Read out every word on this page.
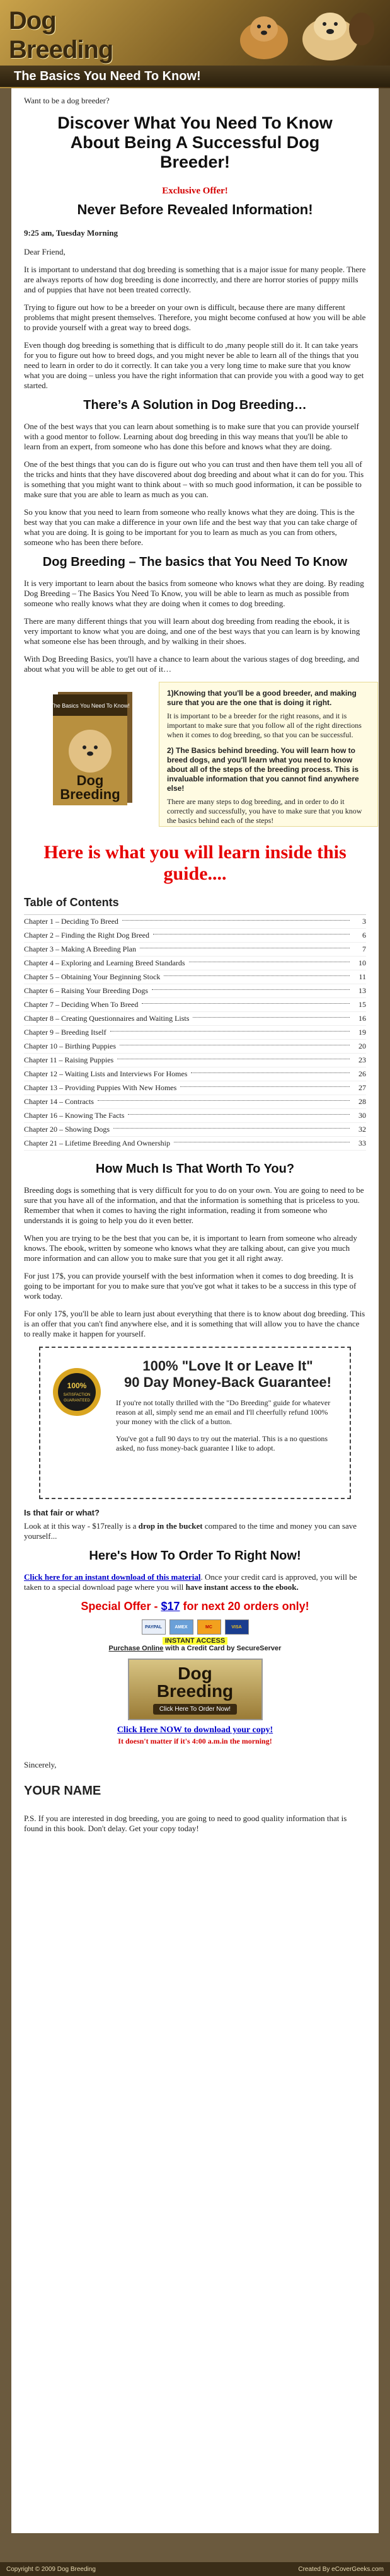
Dog
Breeding
The Basics You Need To Know!

Want to be a dog breeder?

Discover What You Need To Know About Being A Successful Dog Breeder!
Exclusive Offer!
Never Before Revealed Information!
9:25 am, Tuesday Morning

Dear Friend,

It is important to understand that dog breeding is something that is a major issue for many people. There are always reports of how dog breeding is done incorrectly, and there are horror stories of puppy mills and of puppies that have not been treated correctly.

Trying to figure out how to be a breeder on your own is difficult, because there are many different problems that might present themselves. Therefore, you might become confused at how you will be able to provide yourself with a great way to breed dogs.

Even though dog breeding is something that is difficult to do ,many people still do it. It can take years for you to figure out how to breed dogs, and you might never be able to learn all of the things that you need to learn in order to do it correctly. It can take you a very long time to make sure that you know what you are doing – unless you have the right information that can provide you with a good way to get started.

There’s A Solution in Dog Breeding…

One of the best ways that you can learn about something is to make sure that you can provide yourself with a good mentor to follow. Learning about dog breeding in this way means that you'll be able to learn from an expert, from someone who has done this before and knows what they are doing.

One of the best things that you can do is figure out who you can trust and then have them tell you all of the tricks and hints that they have discovered about dog breeding and about what it can do for you. This is something that you might want to think about – with so much good information, it can be possible to make sure that you are able to learn as much as you can.

So you know that you need to learn from someone who really knows what they are doing. This is the best way that you can make a difference in your own life and the best way that you can take charge of what you are doing. It is going to be important for you to learn as much as you can from others, someone who has been there before.

Dog Breeding – The basics that You Need To Know

It is very important to learn about the basics from someone who knows what they are doing. By reading Dog Breeding – The Basics You Need To Know, you will be able to learn as much as possible from someone who really knows what they are doing when it comes to dog breeding.

There are many different things that you will learn about dog breeding from reading the ebook, it is very important to know what you are doing, and one of the best ways that you can learn is by knowing what someone else has been through, and by walking in their shoes.

With Dog Breeding Basics, you'll have a chance to learn about the various stages of dog breeding, and about what you will be able to get out of it…

The Basics You Need To Know!
Dog
Breeding
1)Knowing that you'll be a good breeder, and making sure that you are the one that is doing it right.
It is important to be a breeder for the right reasons, and it is important to make sure that you follow all of the right directions when it comes to dog breeding, so that you can be successful.
2) The Basics behind breeding. You will learn how to breed dogs, and you'll learn what you need to know about all of the steps of the breeding process. This is invaluable information that you cannot find anywhere else!
There are many steps to dog breeding, and in order to do it correctly and successfully, you have to make sure that you know the basics behind each of the steps!
Here is what you will learn inside this guide....
Table of Contents
Chapter 1 – Deciding To Breed	3
Chapter 2 – Finding the Right Dog Breed	6
Chapter 3 – Making A Breeding Plan	7
Chapter 4 – Exploring and Learning Breed Standards	10
Chapter 5 – Obtaining Your Beginning Stock	11
Chapter 6 – Raising Your Breeding Dogs	13
Chapter 7 – Deciding When To Breed	15
Chapter 8 – Creating Questionnaires and Waiting Lists	16
Chapter 9 – Breeding Itself	19
Chapter 10 – Birthing Puppies	20
Chapter 11 – Raising Puppies	23
Chapter 12 – Waiting Lists and Interviews For Homes	26
Chapter 13 – Providing Puppies With New Homes	27
Chapter 14 – Contracts	28
Chapter 16 – Knowing The Facts	30
Chapter 20 – Showing Dogs	32
Chapter 21 – Lifetime Breeding And Ownership	33
How Much Is That Worth To You?

Breeding dogs is something that is very difficult for you to do on your own. You are going to need to be sure that you have all of the information, and that the information is something that is priceless to you. Remember that when it comes to having the right information, reading it from someone who understands it is going to help you do it even better.

When you are trying to be the best that you can be, it is important to learn from someone who already knows. The ebook, written by someone who knows what they are talking about, can give you much more information and can allow you to make sure that you get it all right away.

For just 17$, you can provide yourself with the best information when it comes to dog breeding. It is going to be important for you to make sure that you've got what it takes to be a success in this type of work today.

For only 17$, you'll be able to learn just about everything that there is to know about dog breeding. This is an offer that you can't find anywhere else, and it is something that will allow you to have the chance to really make it happen for yourself.

100%
SATISFACTION
GUARANTEED
100% "Love It or Leave It"
90 Day Money-Back Guarantee!
If you're not totally thrilled with the "Do Breeding" guide for whatever reason at all, simply send me an email and I'll cheerfully refund 100% your money with the click of a button.
You've got a full 90 days to try out the material. This is a no questions asked, no fuss money-back guarantee I like to adopt.
Is that fair or what?

Look at it this way - $17really is a drop in the bucket compared to the time and money you can save yourself...

Here's How To Order To Right Now!

Click here for an instant download of this material. Once your credit card is approved, you will be taken to a special download page where you will have instant access to the ebook.

Special Offer - $17 for next 20 orders only!
PAYPAL	AMEX	MC	VISA
INSTANT ACCESS
Purchase Online with a Credit Card by SecureServer
Dog
Breeding
Click Here To Order Now!
Click Here NOW to download your copy!
It doesn't matter if it's 4:00 a.m.in the morning!

Sincerely,

YOUR NAME

P.S. If you are interested in dog breeding, you are going to need to good quality information that is found in this book. Don't delay. Get your copy today!

Copyright © 2009 Dog Breeding	Created By eCoverGeeks.com
